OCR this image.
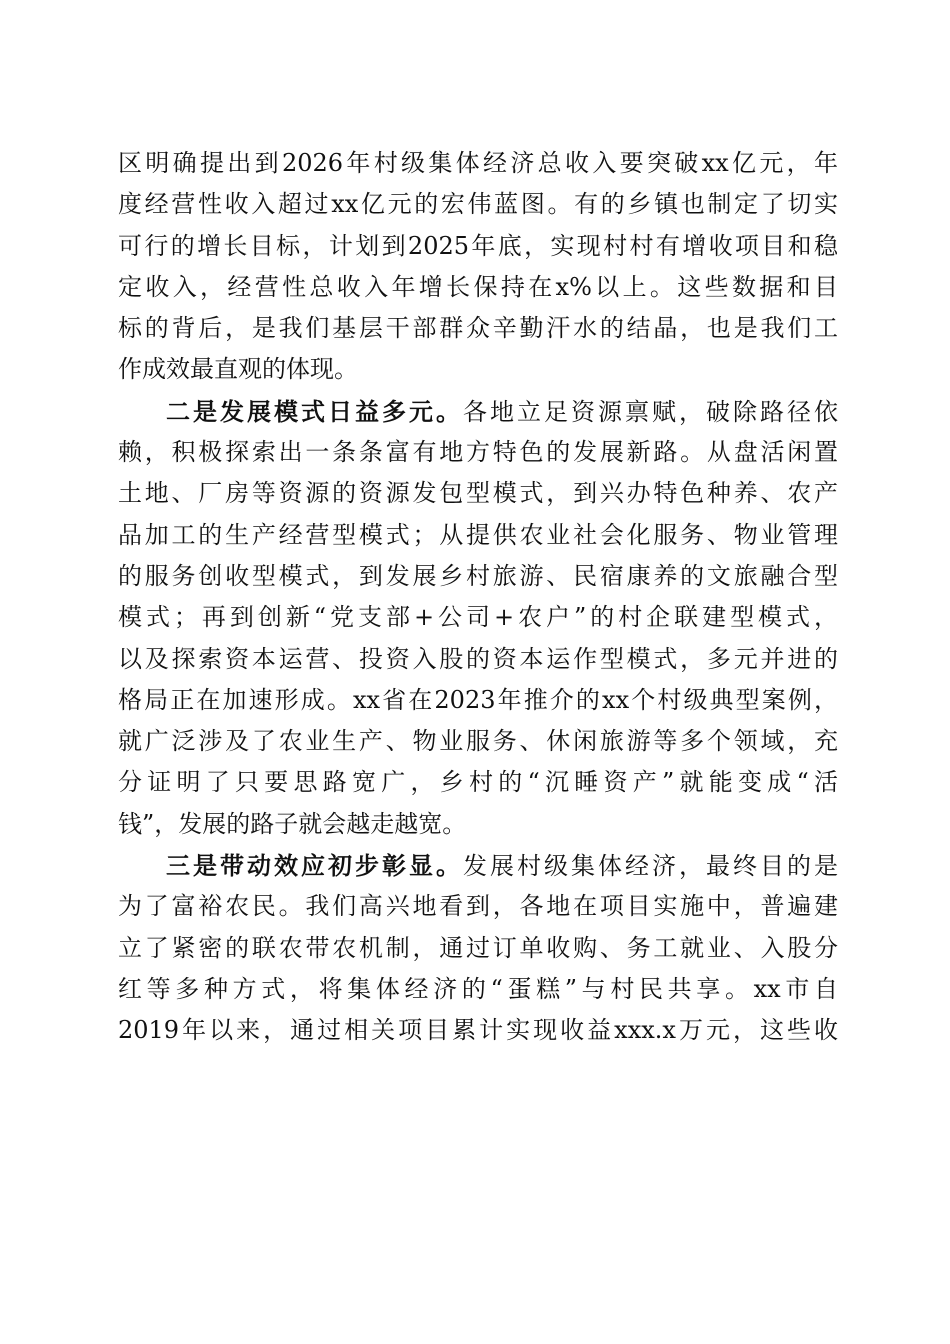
区明确提出到2026年村级集体经济总收入要突破xx亿元，年
度经营性收入超过xx亿元的宏伟蓝图。有的乡镇也制定了切实
可行的增长目标，计划到2025年底，实现村村有增收项目和稳
定收入，经营性总收入年增长保持在x%以上。这些数据和目
标的背后，是我们基层干部群众辛勤汗水的结晶，也是我们工
作成效最直观的体现。
二是发展模式日益多元。各地立足资源禀赋，破除路径依
赖，积极探索出一条条富有地方特色的发展新路。从盘活闲置
土地、厂房等资源的资源发包型模式，到兴办特色种养、农产
品加工的生产经营型模式；从提供农业社会化服务、物业管理
的服务创收型模式，到发展乡村旅游、民宿康养的文旅融合型
模式；再到创新“党支部+公司+农户”的村企联建型模式，
以及探索资本运营、投资入股的资本运作型模式，多元并进的
格局正在加速形成。xx省在2023年推介的xx个村级典型案例，
就广泛涉及了农业生产、物业服务、休闲旅游等多个领域，充
分证明了只要思路宽广，乡村的“沉睡资产”就能变成“活
钱”，发展的路子就会越走越宽。
三是带动效应初步彰显。发展村级集体经济，最终目的是
为了富裕农民。我们高兴地看到，各地在项目实施中，普遍建
立了紧密的联农带农机制，通过订单收购、务工就业、入股分
红等多种方式，将集体经济的“蛋糕”与村民共享。xx市自
2019年以来，通过相关项目累计实现收益xxx.x万元，这些收
